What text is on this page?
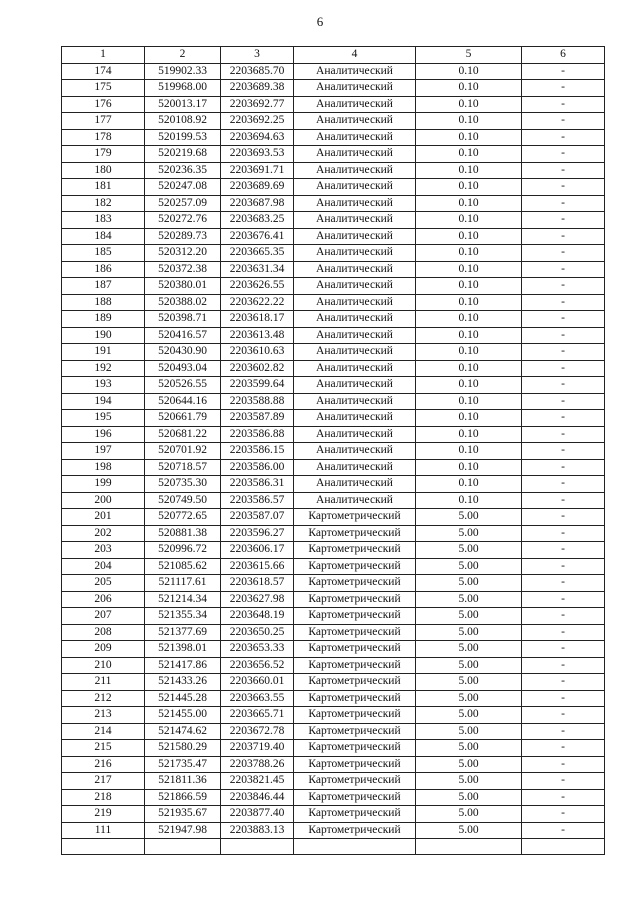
6
1	2	3	4	5	6
174	519902.33	2203685.70	Аналитический	0.10	-
175	519968.00	2203689.38	Аналитический	0.10	-
176	520013.17	2203692.77	Аналитический	0.10	-
177	520108.92	2203692.25	Аналитический	0.10	-
178	520199.53	2203694.63	Аналитический	0.10	-
179	520219.68	2203693.53	Аналитический	0.10	-
180	520236.35	2203691.71	Аналитический	0.10	-
181	520247.08	2203689.69	Аналитический	0.10	-
182	520257.09	2203687.98	Аналитический	0.10	-
183	520272.76	2203683.25	Аналитический	0.10	-
184	520289.73	2203676.41	Аналитический	0.10	-
185	520312.20	2203665.35	Аналитический	0.10	-
186	520372.38	2203631.34	Аналитический	0.10	-
187	520380.01	2203626.55	Аналитический	0.10	-
188	520388.02	2203622.22	Аналитический	0.10	-
189	520398.71	2203618.17	Аналитический	0.10	-
190	520416.57	2203613.48	Аналитический	0.10	-
191	520430.90	2203610.63	Аналитический	0.10	-
192	520493.04	2203602.82	Аналитический	0.10	-
193	520526.55	2203599.64	Аналитический	0.10	-
194	520644.16	2203588.88	Аналитический	0.10	-
195	520661.79	2203587.89	Аналитический	0.10	-
196	520681.22	2203586.88	Аналитический	0.10	-
197	520701.92	2203586.15	Аналитический	0.10	-
198	520718.57	2203586.00	Аналитический	0.10	-
199	520735.30	2203586.31	Аналитический	0.10	-
200	520749.50	2203586.57	Аналитический	0.10	-
201	520772.65	2203587.07	Картометрический	5.00	-
202	520881.38	2203596.27	Картометрический	5.00	-
203	520996.72	2203606.17	Картометрический	5.00	-
204	521085.62	2203615.66	Картометрический	5.00	-
205	521117.61	2203618.57	Картометрический	5.00	-
206	521214.34	2203627.98	Картометрический	5.00	-
207	521355.34	2203648.19	Картометрический	5.00	-
208	521377.69	2203650.25	Картометрический	5.00	-
209	521398.01	2203653.33	Картометрический	5.00	-
210	521417.86	2203656.52	Картометрический	5.00	-
211	521433.26	2203660.01	Картометрический	5.00	-
212	521445.28	2203663.55	Картометрический	5.00	-
213	521455.00	2203665.71	Картометрический	5.00	-
214	521474.62	2203672.78	Картометрический	5.00	-
215	521580.29	2203719.40	Картометрический	5.00	-
216	521735.47	2203788.26	Картометрический	5.00	-
217	521811.36	2203821.45	Картометрический	5.00	-
218	521866.59	2203846.44	Картометрический	5.00	-
219	521935.67	2203877.40	Картометрический	5.00	-
111	521947.98	2203883.13	Картометрический	5.00	-
